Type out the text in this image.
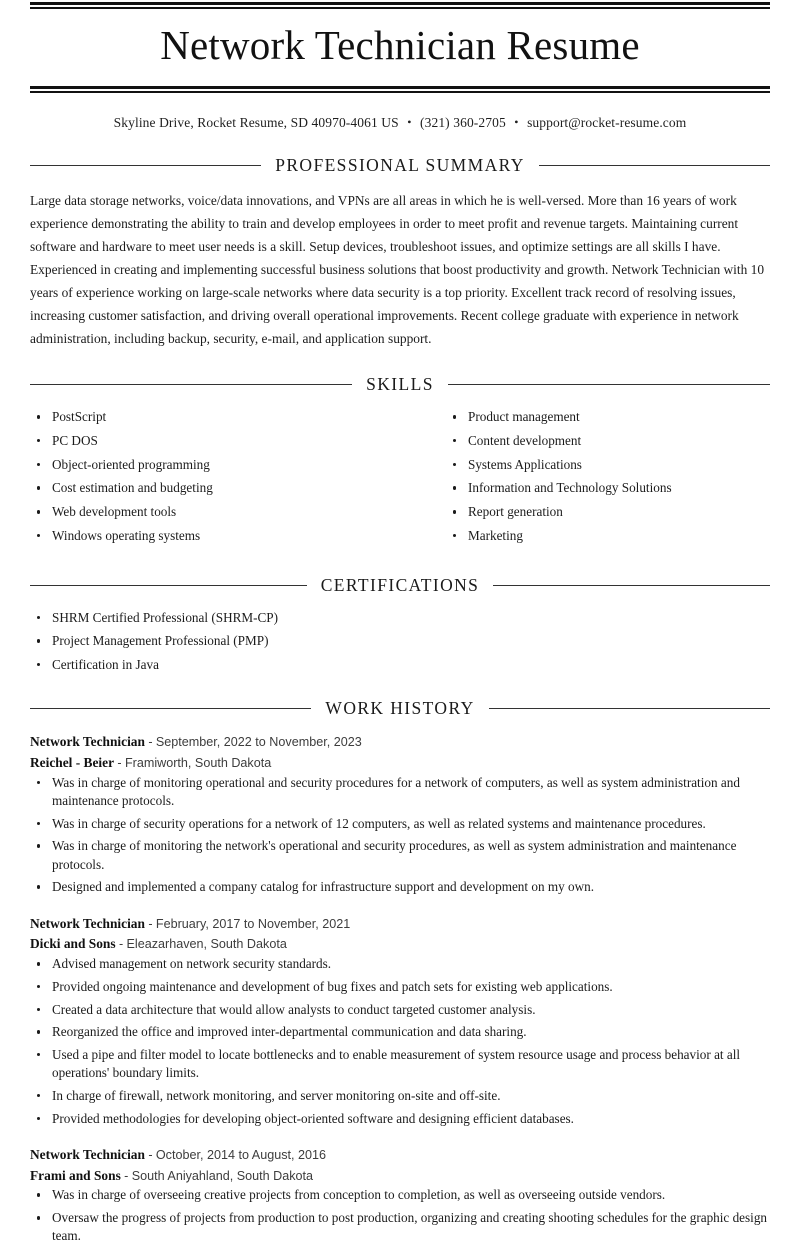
Network Technician Resume
Skyline Drive, Rocket Resume, SD 40970-4061 US • (321) 360-2705 • support@rocket-resume.com
PROFESSIONAL SUMMARY

Large data storage networks, voice/data innovations, and VPNs are all areas in which he is well-versed. More than 16 years of work experience demonstrating the ability to train and develop employees in order to meet profit and revenue targets. Maintaining current software and hardware to meet user needs is a skill. Setup devices, troubleshoot issues, and optimize settings are all skills I have. Experienced in creating and implementing successful business solutions that boost productivity and growth. Network Technician with 10 years of experience working on large-scale networks where data security is a top priority. Excellent track record of resolving issues, increasing customer satisfaction, and driving overall operational improvements. Recent college graduate with experience in network administration, including backup, security, e-mail, and application support.

SKILLS
PostScript
PC DOS
Object-oriented programming
Cost estimation and budgeting
Web development tools
Windows operating systems
Product management
Content development
Systems Applications
Information and Technology Solutions
Report generation
Marketing
CERTIFICATIONS
SHRM Certified Professional (SHRM-CP)
Project Management Professional (PMP)
Certification in Java
WORK HISTORY
Network Technician - September, 2022 to November, 2023
Reichel - Beier - Framiworth, South Dakota
Was in charge of monitoring operational and security procedures for a network of computers, as well as system administration and maintenance protocols.
Was in charge of security operations for a network of 12 computers, as well as related systems and maintenance procedures.
Was in charge of monitoring the network's operational and security procedures, as well as system administration and maintenance protocols.
Designed and implemented a company catalog for infrastructure support and development on my own.
Network Technician - February, 2017 to November, 2021
Dicki and Sons - Eleazarhaven, South Dakota
Advised management on network security standards.
Provided ongoing maintenance and development of bug fixes and patch sets for existing web applications.
Created a data architecture that would allow analysts to conduct targeted customer analysis.
Reorganized the office and improved inter-departmental communication and data sharing.
Used a pipe and filter model to locate bottlenecks and to enable measurement of system resource usage and process behavior at all operations' boundary limits.
In charge of firewall, network monitoring, and server monitoring on-site and off-site.
Provided methodologies for developing object-oriented software and designing efficient databases.
Network Technician - October, 2014 to August, 2016
Frami and Sons - South Aniyahland, South Dakota
Was in charge of overseeing creative projects from conception to completion, as well as overseeing outside vendors.
Oversaw the progress of projects from production to post production, organizing and creating shooting schedules for the graphic design team.
